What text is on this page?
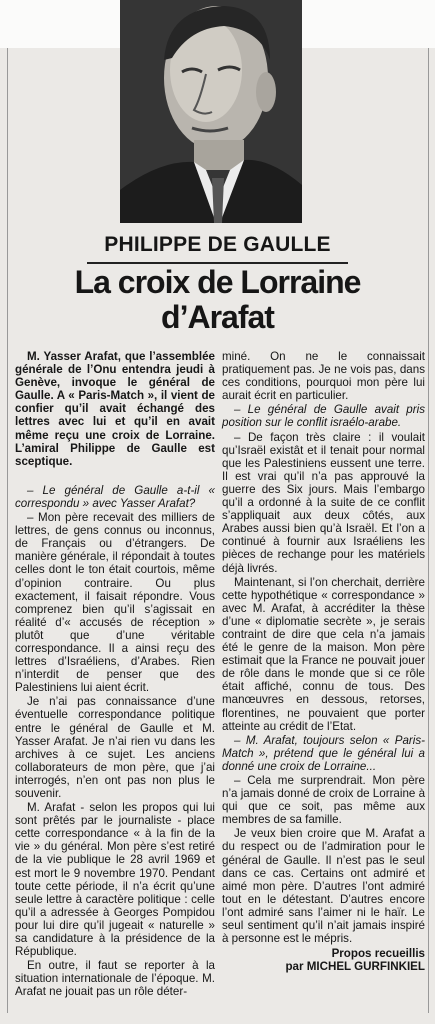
PHILIPPE DE GAULLE
La croix de Lorraine
d’Arafat

M. Yasser Arafat, que l’assemblée générale de l’Onu entendra jeudi à Genève, invoque le général de Gaulle. A « Paris-Match », il vient de confier qu’il avait échangé des lettres avec lui et qu’il en avait même reçu une croix de Lorraine. L’amiral Philippe de Gaulle est sceptique.

– Le général de Gaulle a-t-il « correspondu » avec Yasser Arafat?

– Mon père recevait des milliers de lettres, de gens connus ou inconnus, de Français ou d’étrangers. De manière générale, il répondait à toutes celles dont le ton était courtois, même d’opinion contraire. Ou plus exactement, il faisait répondre. Vous comprenez bien qu’il s’agissait en réalité d’« accusés de réception » plutôt que d’une véritable correspondance. Il a ainsi reçu des lettres d’Israéliens, d’Arabes. Rien n’interdit de penser que des Palestiniens lui aient écrit.

Je n’ai pas connaissance d’une éventuelle correspondance politique entre le général de Gaulle et M. Yasser Arafat. Je n’ai rien vu dans les archives à ce sujet. Les anciens collaborateurs de mon père, que j’ai interrogés, n’en ont pas non plus le souvenir.

M. Arafat - selon les propos qui lui sont prêtés par le journaliste - place cette correspondance « à la fin de la vie » du général. Mon père s’est retiré de la vie publique le 28 avril 1969 et est mort le 9 novembre 1970. Pendant toute cette période, il n’a écrit qu’une seule lettre à caractère politique : celle qu’il a adressée à Georges Pompidou pour lui dire qu’il jugeait « naturelle » sa candidature à la présidence de la République.

En outre, il faut se reporter à la situation internationale de l’époque. M. Arafat ne jouait pas un rôle déter-

miné. On ne le connaissait pratiquement pas. Je ne vois pas, dans ces conditions, pourquoi mon père lui aurait écrit en particulier.

– Le général de Gaulle avait pris position sur le conflit israélo-arabe.

– De façon très claire : il voulait qu’Israël existât et il tenait pour normal que les Palestiniens eussent une terre. Il est vrai qu’il n’a pas approuvé la guerre des Six jours. Mais l’embargo qu’il a ordonné à la suite de ce conflit s’appliquait aux deux côtés, aux Arabes aussi bien qu’à Israël. Et l’on a continué à fournir aux Israéliens les pièces de rechange pour les matériels déjà livrés.

Maintenant, si l’on cherchait, derrière cette hypothétique « correspondance » avec M. Arafat, à accréditer la thèse d’une « diplomatie secrète », je serais contraint de dire que cela n’a jamais été le genre de la maison. Mon père estimait que la France ne pouvait jouer de rôle dans le monde que si ce rôle était affiché, connu de tous. Des manœuvres en dessous, retorses, florentines, ne pouvaient que porter atteinte au crédit de l’Etat.

– M. Arafat, toujours selon « Paris-Match », prétend que le général lui a donné une croix de Lorraine...

– Cela me surprendrait. Mon père n’a jamais donné de croix de Lorraine à qui que ce soit, pas même aux membres de sa famille.

Je veux bien croire que M. Arafat a du respect ou de l’admiration pour le général de Gaulle. Il n’est pas le seul dans ce cas. Certains ont admiré et aimé mon père. D’autres l’ont admiré tout en le détestant. D’autres encore l’ont admiré sans l’aimer ni le haïr. Le seul sentiment qu’il n’ait jamais inspiré à personne est le mépris.

Propos recueillis
par MICHEL GURFINKIEL
